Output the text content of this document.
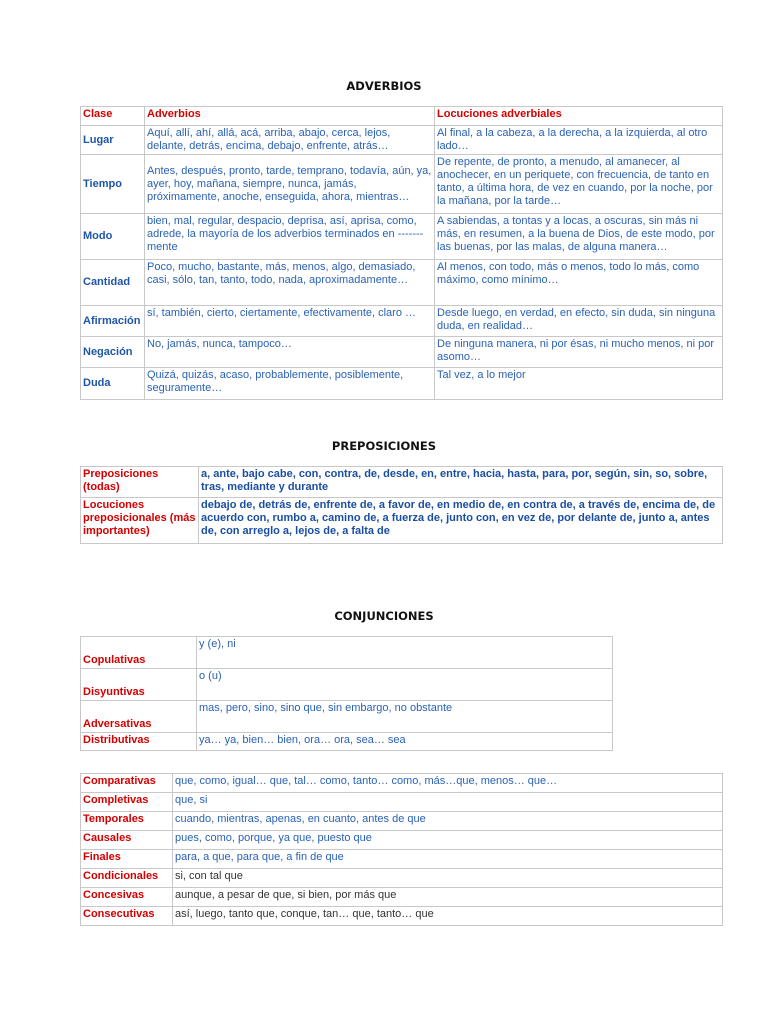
ADVERBIOS
Clase	Adverbios	Locuciones adverbiales
Lugar	Aquí, allí, ahí, allá, acá, arriba, abajo, cerca, lejos, delante, detrás, encima, debajo, enfrente, atrás…	Al final, a la cabeza, a la derecha, a la izquierda, al otro lado…
Tiempo	Antes, después, pronto, tarde, temprano, todavía, aún, ya, ayer, hoy, mañana, siempre, nunca, jamás, próximamente, anoche, enseguida, ahora, mientras…	De repente, de pronto, a menudo, al amanecer, al anochecer, en un periquete, con frecuencia, de tanto en tanto, a última hora, de vez en cuando, por la noche, por la mañana, por la tarde…
Modo	bien, mal, regular, despacio, deprisa, así, aprisa, como, adrede, la mayoría de los adverbios terminados en -------mente	A sabiendas, a tontas y a locas, a oscuras, sin más ni más, en resumen, a la buena de Dios, de este modo, por las buenas, por las malas, de alguna manera…
Cantidad	Poco, mucho, bastante, más, menos, algo, demasiado, casi, sólo, tan, tanto, todo, nada, aproximadamente…	Al menos, con todo, más o menos, todo lo más, como máximo, como mínimo…
Afirmación	sí, también, cierto, ciertamente, efectivamente, claro …	Desde luego, en verdad, en efecto, sin duda, sin ninguna duda, en realidad…
Negación	No, jamás, nunca, tampoco…	De ninguna manera, ni por ésas, ni mucho menos, ni por asomo…
Duda	Quizá, quizás, acaso, probablemente, posiblemente, seguramente…	Tal vez, a lo mejor
PREPOSICIONES
Preposiciones (todas)	a, ante, bajo cabe, con, contra, de, desde, en, entre, hacia, hasta, para, por, según, sin, so, sobre, tras, mediante y durante
Locuciones preposicionales (más importantes)	debajo de, detrás de, enfrente de, a favor de, en medio de, en contra de, a través de, encima de, de acuerdo con, rumbo a, camino de, a fuerza de, junto con, en vez de, por delante de, junto a, antes de, con arreglo a, lejos de, a falta de
CONJUNCIONES
Copulativas	y (e), ni
Disyuntivas	o (u)
Adversativas	mas, pero, sino, sino que, sin embargo, no obstante
Distributivas	ya… ya, bien… bien, ora… ora, sea… sea
Comparativas	que, como, igual… que, tal… como, tanto… como, más…que, menos… que…
Completivas	que, si
Temporales	cuando, mientras, apenas, en cuanto, antes de que
Causales	pues, como, porque, ya que, puesto que
Finales	para, a que, para que, a fin de que
Condicionales	si, con tal que
Concesivas	aunque, a pesar de que, si bien, por más que
Consecutivas	así, luego, tanto que, conque, tan… que, tanto… que
